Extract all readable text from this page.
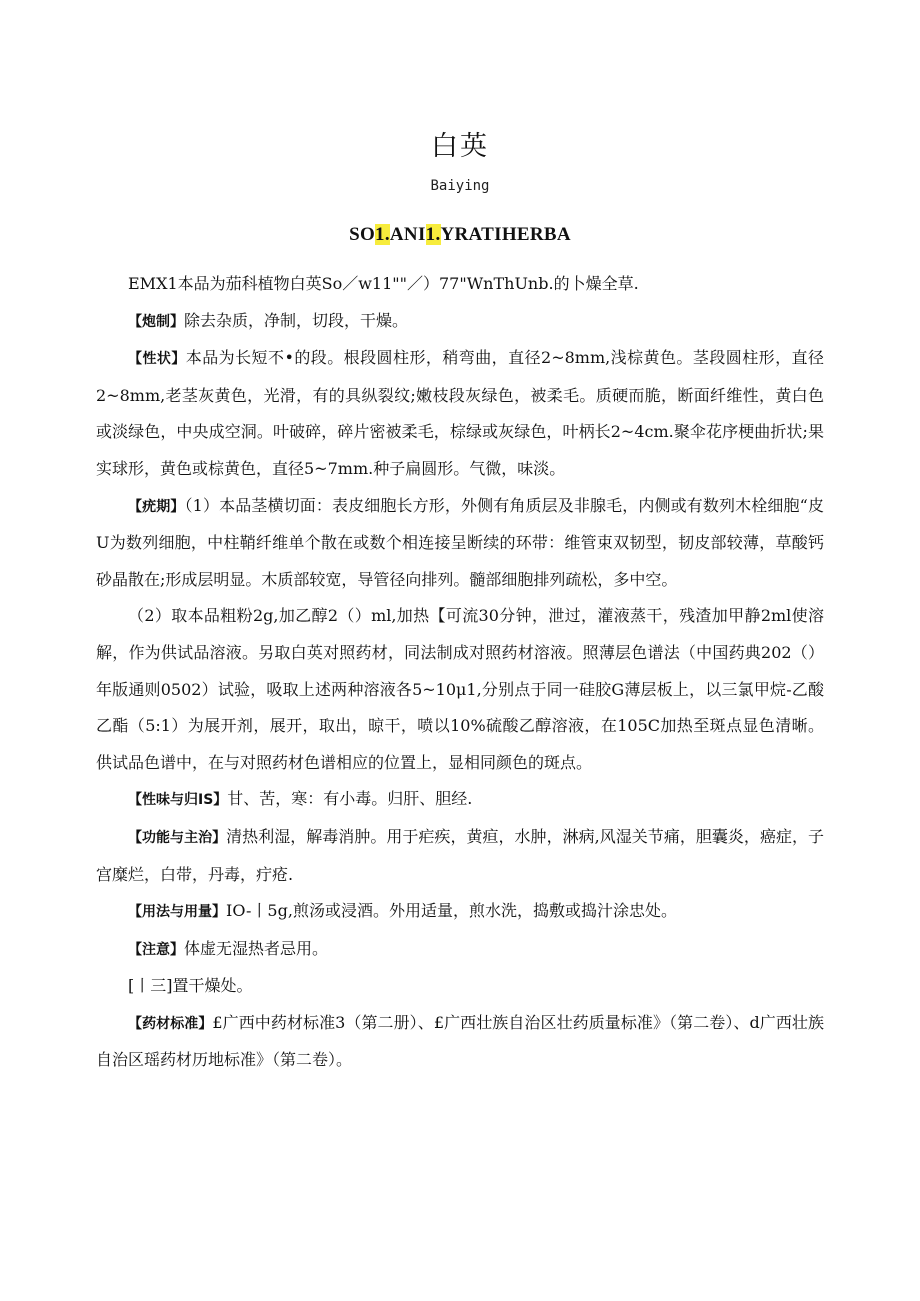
白英
Baiying
SO1.ANI1.YRATIHERBA

EMX1本品为茄科植物白英So／w11""／）77"WnThUnb.的卜燥全草.

【炮制】除去杂质，净制，切段，干燥。

【性状】本品为长短不•的段。根段圆柱形，稍弯曲，直径2~8mm,浅棕黄色。茎段圆柱形，直径2~8mm,老茎灰黄色，光滑，有的具纵裂纹;嫩枝段灰绿色，被柔毛。质硬而脆，断面纤维性，黄白色或淡绿色，中央成空洞。叶破碎，碎片密被柔毛，棕绿或灰绿色，叶柄长2~4cm.聚伞花序梗曲折状;果实球形，黄色或棕黄色，直径5~7mm.种子扁圆形。气微，味淡。

【疣期】（1）本品茎横切面：表皮细胞长方形，外侧有角质层及非腺毛，内侧或有数列木栓细胞“皮U为数列细胞，中柱鞘纤维单个散在或数个相连接呈断续的环带：维管束双韧型，韧皮部较薄，草酸钙砂晶散在;形成层明显。木质部较宽，导管径向排列。髓部细胞排列疏松，多中空。

（2）取本品粗粉2g,加乙醇2（）ml,加热【可流30分钟，泄过，灌液蒸干，残渣加甲静2ml使溶解，作为供试品溶液。另取白英对照药材，同法制成对照药材溶液。照薄层色谱法（中国药典202（）年版通则0502）试验，吸取上述两种溶液各5~10μ1,分别点于同一硅胶G薄层板上，以三氯甲烷-乙酸乙酯（5:1）为展开剂，展开，取出，晾干，喷以10%硫酸乙醇溶液，在105C加热至斑点显色清晰。供试品色谱中，在与对照药材色谱相应的位置上，显相同颜色的斑点。

【性味与归IS】甘、苦，寒：有小毒。归肝、胆经.

【功能与主治】清热利湿，解毒消肿。用于疟疾，黄疸，水肿，淋病,风湿关节痛，胆囊炎，癌症，子宫糜烂，白带，丹毒，疔疮.

【用法与用量】IO-丨5g,煎汤或浸酒。外用适量，煎水洗，捣敷或捣汁涂忠处。

【注意】体虚无湿热者忌用。

[丨三]置干燥处。

【药材标准】£广西中药材标准3（第二册）、£广西壮族自治区壮药质量标准》（第二卷）、d广西壮族自治区瑶药材历地标准》（第二卷）。
